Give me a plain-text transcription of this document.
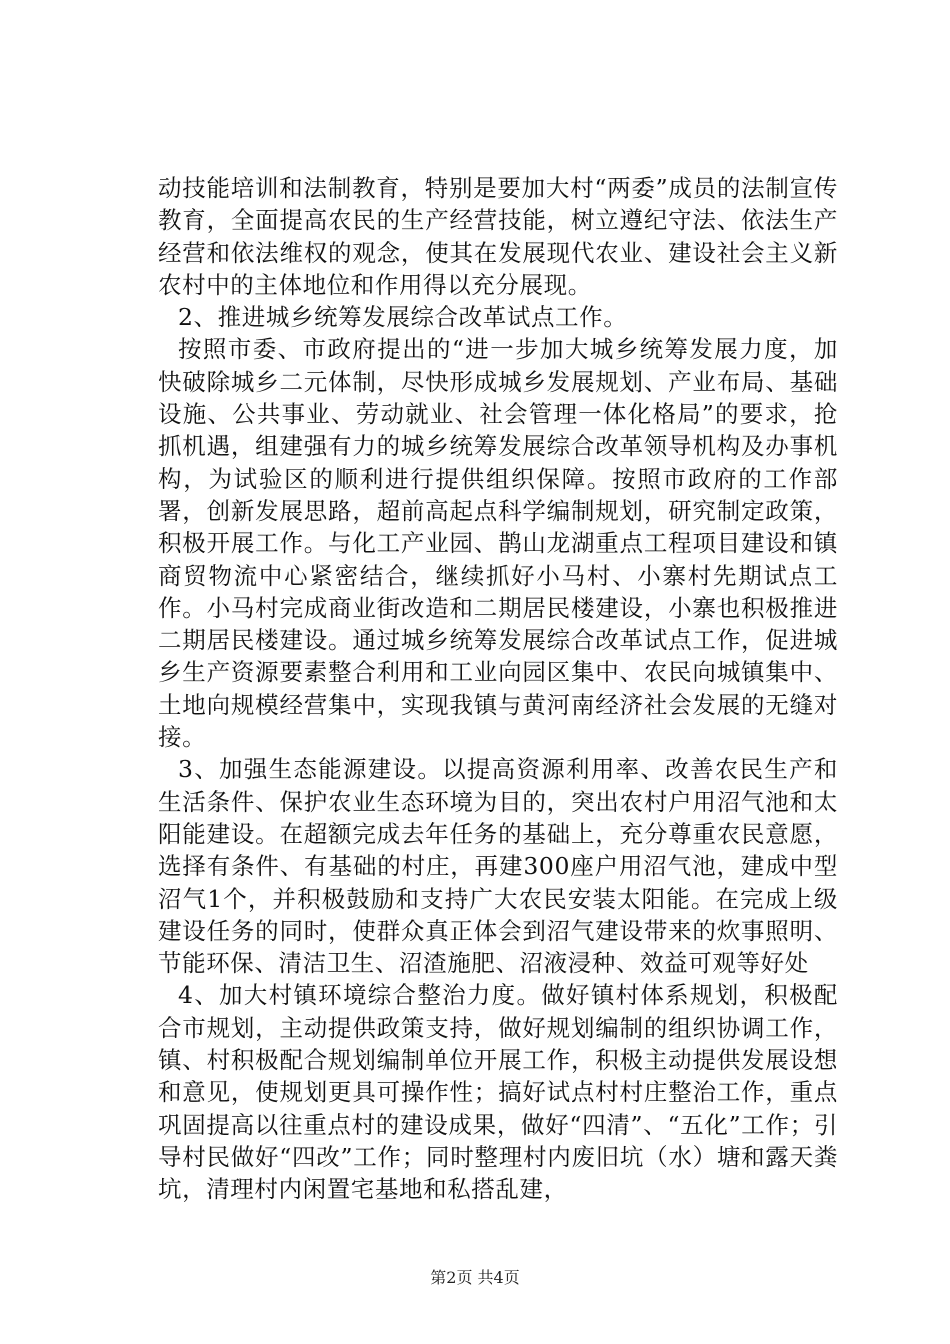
动技能培训和法制教育，特别是要加大村“两委”成员的法制宣传教育，全面提高农民的生产经营技能，树立遵纪守法、依法生产经营和依法维权的观念，使其在发展现代农业、建设社会主义新农村中的主体地位和作用得以充分展现。

2、推进城乡统筹发展综合改革试点工作。

按照市委、市政府提出的“进一步加大城乡统筹发展力度，加快破除城乡二元体制，尽快形成城乡发展规划、产业布局、基础设施、公共事业、劳动就业、社会管理一体化格局”的要求，抢抓机遇，组建强有力的城乡统筹发展综合改革领导机构及办事机构，为试验区的顺利进行提供组织保障。按照市政府的工作部署，创新发展思路，超前高起点科学编制规划，研究制定政策，积极开展工作。与化工产业园、鹊山龙湖重点工程项目建设和镇商贸物流中心紧密结合，继续抓好小马村、小寨村先期试点工作。小马村完成商业街改造和二期居民楼建设，小寨也积极推进二期居民楼建设。通过城乡统筹发展综合改革试点工作，促进城乡生产资源要素整合利用和工业向园区集中、农民向城镇集中、土地向规模经营集中，实现我镇与黄河南经济社会发展的无缝对接。

3、加强生态能源建设。以提高资源利用率、改善农民生产和生活条件、保护农业生态环境为目的，突出农村户用沼气池和太阳能建设。在超额完成去年任务的基础上，充分尊重农民意愿，选择有条件、有基础的村庄，再建300座户用沼气池，建成中型沼气1个，并积极鼓励和支持广大农民安装太阳能。在完成上级建设任务的同时，使群众真正体会到沼气建设带来的炊事照明、节能环保、清洁卫生、沼渣施肥、沼液浸种、效益可观等好处

4、加大村镇环境综合整治力度。做好镇村体系规划，积极配合市规划，主动提供政策支持，做好规划编制的组织协调工作，镇、村积极配合规划编制单位开展工作，积极主动提供发展设想和意见，使规划更具可操作性；搞好试点村村庄整治工作，重点巩固提高以往重点村的建设成果，做好“四清”、“五化”工作；引导村民做好“四改”工作；同时整理村内废旧坑（水）塘和露天粪坑，清理村内闲置宅基地和私搭乱建，

第2页 共4页
